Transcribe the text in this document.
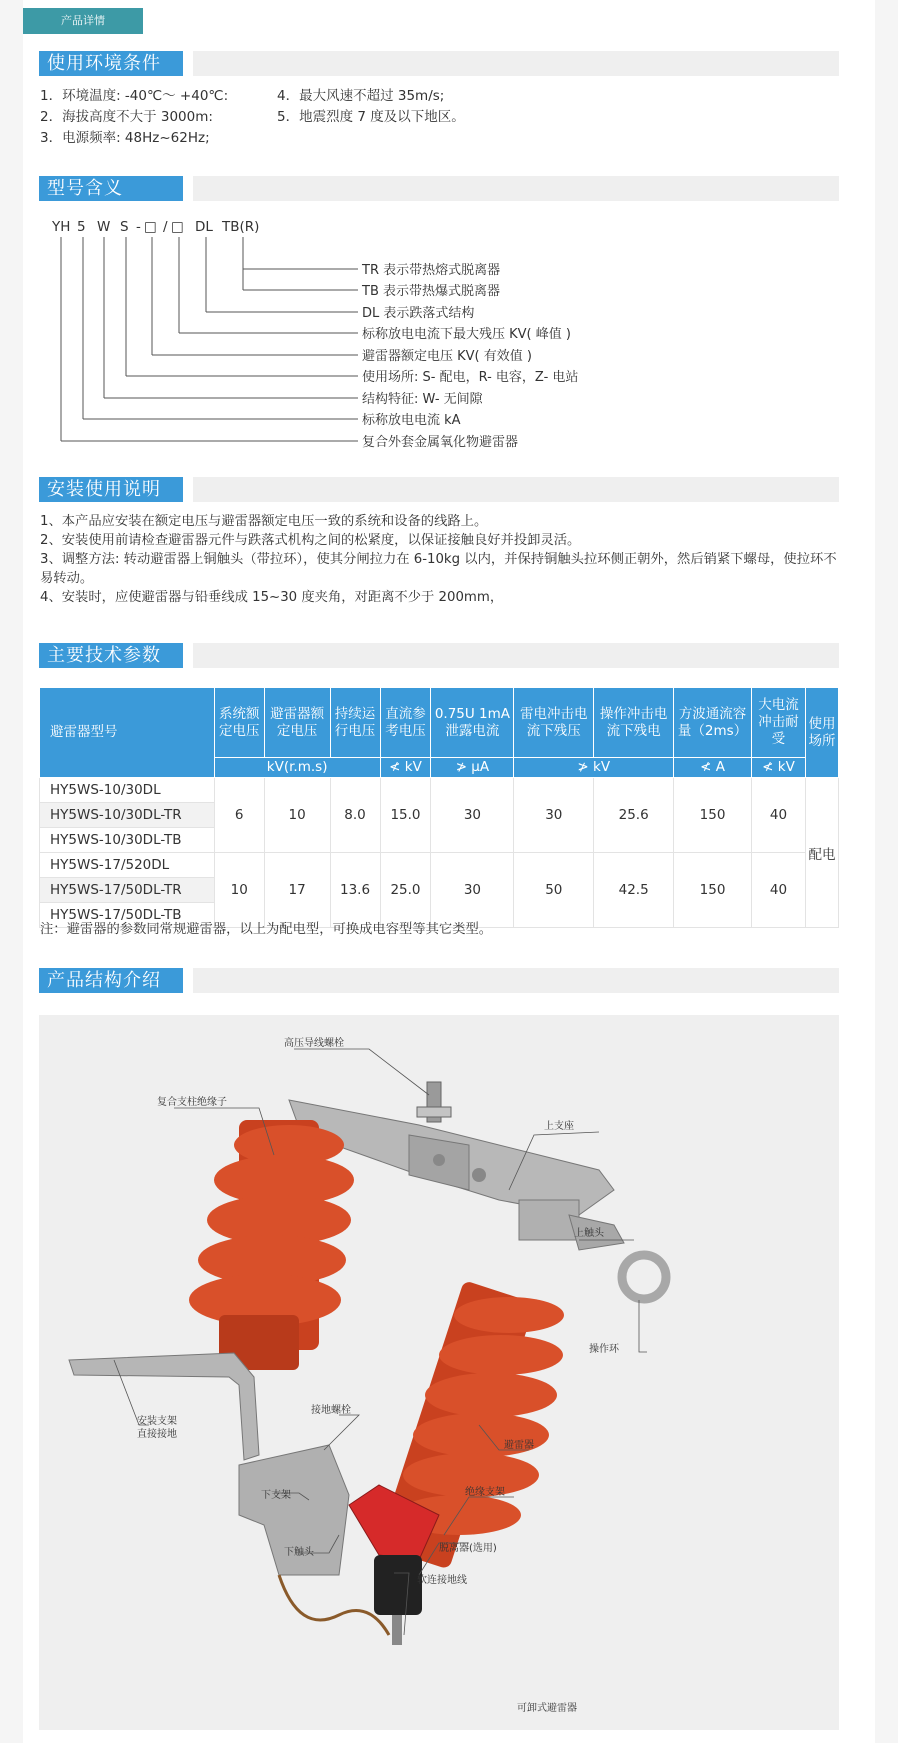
产品详情
使用环境条件
1．环境温度: -40℃～ +40℃:
2．海拔高度不大于 3000m:
3．电源频率: 48Hz~62Hz;
4．最大风速不超过 35m/s;
5．地震烈度 7 度及以下地区。
型号含义
YH 5 W S - □ / □ DL TB(R)
TR 表示带热熔式脱离器
TB 表示带热爆式脱离器
DL 表示跌落式结构
标称放电电流下最大残压 KV( 峰值 )
避雷器额定电压 KV( 有效值 )
使用场所: S- 配电，R- 电容，Z- 电站
结构特征: W- 无间隙
标称放电电流 kA
复合外套金属氧化物避雷器
安装使用说明

1、本产品应安装在额定电压与避雷器额定电压一致的系统和设备的线路上。

2、安装使用前请检查避雷器元件与跌落式机构之间的松紧度，以保证接触良好并投卸灵活。

3、调整方法: 转动避雷器上铜触头（带拉环），使其分闸拉力在 6-10kg 以内，并保持铜触头拉环侧正朝外，然后销紧下螺母，使拉环不易转动。

4、安装时，应使避雷器与铅垂线成 15~30 度夹角，对距离不少于 200mm，

主要技术参数
避雷器型号	系统额定电压	避雷器额定电压	持续运行电压	直流参考电压	0.75U 1mA 泄露电流	雷电冲击电流下残压	操作冲击电流下残电	方波通流容量（2ms）	大电流冲击耐受	使用场所
	kV(r.m.s)			≮ kV	≯ μA	≯ kV		≮ A	≮ kV	
HY5WS-10/30DL	6	10	8.0	15.0	30	30	25.6	150	40	配电
HY5WS-10/30DL-TR										
HY5WS-10/30DL-TB										
HY5WS-17/520DL	10	17	13.6	25.0	30	50	42.5	150	40	
HY5WS-17/50DL-TR										
HY5WS-17/50DL-TB										
注：避雷器的参数同常规避雷器，以上为配电型，可换成电容型等其它类型。
产品结构介绍
高压导线螺栓
复合支柱绝缘子
上支座
上触头
操作环
安装支架
直接接地
接地螺栓
避雷器
下支架	绝缘支架
下触头	脱离器(选用)
软连接地线
可卸式避雷器
